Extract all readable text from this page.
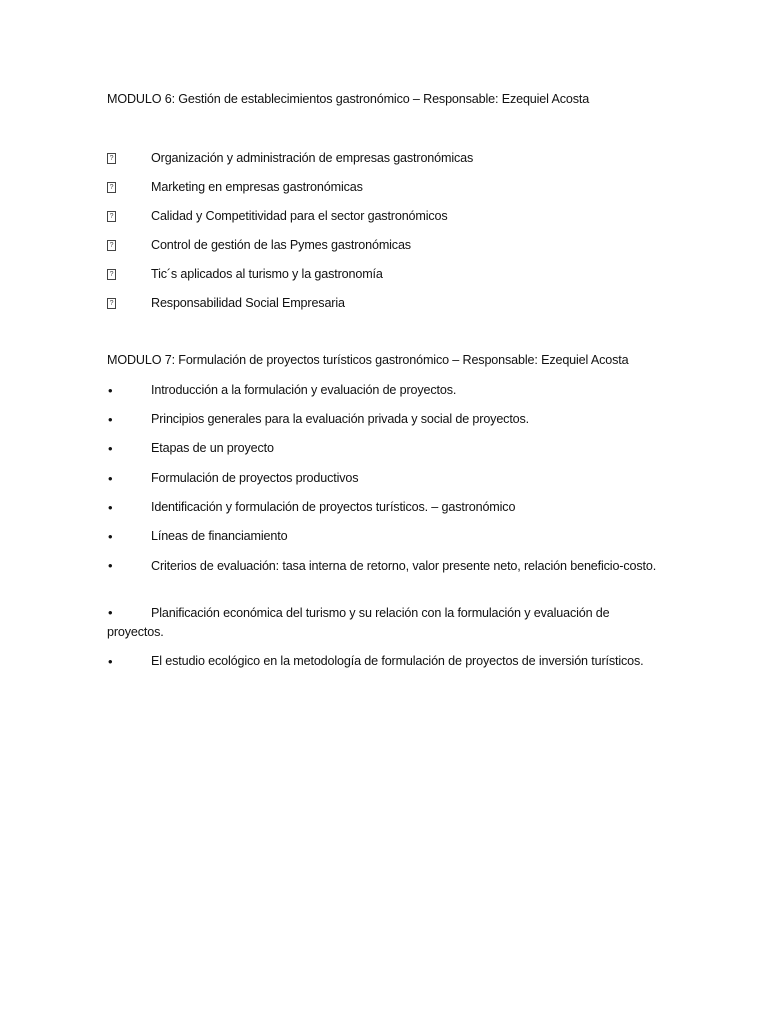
MODULO 6: Gestión de establecimientos gastronómico – Responsable: Ezequiel Acosta
?	Organización y administración de empresas gastronómicas
?	Marketing en empresas gastronómicas
?	Calidad y Competitividad para el sector gastronómicos
?	Control de gestión de las Pymes gastronómicas
?	Tic´s aplicados al turismo y la gastronomía
?	Responsabilidad Social Empresaria
MODULO 7: Formulación de proyectos turísticos gastronómico – Responsable: Ezequiel Acosta
•	Introducción a la formulación y evaluación de proyectos.
•	Principios generales para la evaluación privada y social de proyectos.
•	Etapas de un proyecto
•	Formulación de proyectos productivos
•	Identificación y formulación de proyectos turísticos. – gastronómico
•	Líneas de financiamiento
•	Criterios de evaluación: tasa interna de retorno, valor presente neto, relación beneficio-costo.
•	Planificación económica del turismo y su relación con la formulación y evaluación de proyectos.
•	El estudio ecológico en la metodología de formulación de proyectos de inversión turísticos.
